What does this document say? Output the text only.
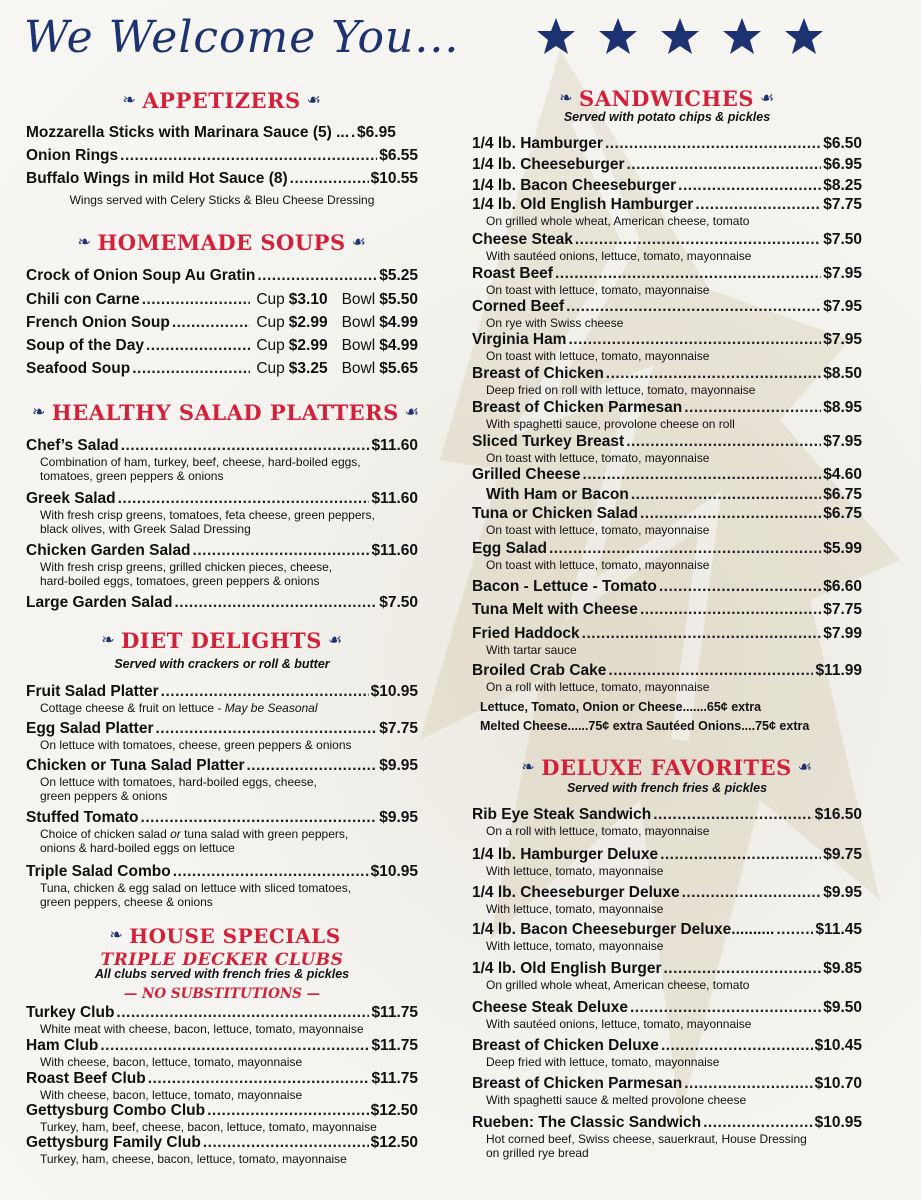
We Welcome You...
❧ APPETIZERS ☙
Mozzarella Sticks with Marinara Sauce (5) ... ..... $6.95
Onion Rings .....	$6.55
Buffalo Wings in mild Hot Sauce (8) .....	$10.55
Wings served with Celery Sticks & Bleu Cheese Dressing
❧ HOMEMADE SOUPS ☙
Crock of Onion Soup Au Gratin .....	$5.25
Chili con Carne .....	Cup $3.10 Bowl $5.50
French Onion Soup .....	Cup $2.99 Bowl $4.99
Soup of the Day .....	Cup $2.99 Bowl $4.99
Seafood Soup .....	Cup $3.25 Bowl $5.65
❧ HEALTHY SALAD PLATTERS ☙
Chef’s Salad .....	$11.60
Combination of ham, turkey, beef, cheese, hard-boiled eggs,
tomatoes, green peppers & onions
Greek Salad .....	$11.60
With fresh crisp greens, tomatoes, feta cheese, green peppers,
black olives, with Greek Salad Dressing
Chicken Garden Salad .....	$11.60
With fresh crisp greens, grilled chicken pieces, cheese,
hard-boiled eggs, tomatoes, green peppers & onions
Large Garden Salad .....	$7.50
❧ DIET DELIGHTS ☙
Served with crackers or roll & butter
Fruit Salad Platter .....	$10.95
Cottage cheese & fruit on lettuce - May be Seasonal
Egg Salad Platter .....	$7.75
On lettuce with tomatoes, cheese, green peppers & onions
Chicken or Tuna Salad Platter .....	$9.95
On lettuce with tomatoes, hard-boiled eggs, cheese,
green peppers & onions
Stuffed Tomato .....	$9.95
Choice of chicken salad or tuna salad with green peppers,
onions & hard-boiled eggs on lettuce
Triple Salad Combo .....	$10.95
Tuna, chicken & egg salad on lettuce with sliced tomatoes,
green peppers, cheese & onions
❧ HOUSE SPECIALS
TRIPLE DECKER CLUBS
All clubs served with french fries & pickles
— NO SUBSTITUTIONS —
Turkey Club .....	$11.75
White meat with cheese, bacon, lettuce, tomato, mayonnaise
Ham Club .....	$11.75
With cheese, bacon, lettuce, tomato, mayonnaise
Roast Beef Club .....	$11.75
With cheese, bacon, lettuce, tomato, mayonnaise
Gettysburg Combo Club .....	$12.50
Turkey, ham, beef, cheese, bacon, lettuce, tomato, mayonnaise
Gettysburg Family Club .....	$12.50
Turkey, ham, cheese, bacon, lettuce, tomato, mayonnaise
❧ SANDWICHES ☙
Served with potato chips & pickles
1/4 lb. Hamburger .....	$6.50
1/4 lb. Cheeseburger .....	$6.95
1/4 lb. Bacon Cheeseburger .....	$8.25
1/4 lb. Old English Hamburger .....	$7.75
On grilled whole wheat, American cheese, tomato
Cheese Steak .....	$7.50
With sautéed onions, lettuce, tomato, mayonnaise
Roast Beef .....	$7.95
On toast with lettuce, tomato, mayonnaise
Corned Beef .....	$7.95
On rye with Swiss cheese
Virginia Ham .....	$7.95
On toast with lettuce, tomato, mayonnaise
Breast of Chicken .....	$8.50
Deep fried on roll with lettuce, tomato, mayonnaise
Breast of Chicken Parmesan .....	$8.95
With spaghetti sauce, provolone cheese on roll
Sliced Turkey Breast .....	$7.95
On toast with lettuce, tomato, mayonnaise
Grilled Cheese .....	$4.60
With Ham or Bacon .....	$6.75
Tuna or Chicken Salad .....	$6.75
On toast with lettuce, tomato, mayonnaise
Egg Salad .....	$5.99
On toast with lettuce, tomato, mayonnaise
Bacon - Lettuce - Tomato .....	$6.60
Tuna Melt with Cheese .....	$7.75
Fried Haddock .....	$7.99
With tartar sauce
Broiled Crab Cake .....	$11.99
On a roll with lettuce, tomato, mayonnaise
Lettuce, Tomato, Onion or Cheese.......65¢ extra
Melted Cheese......75¢ extra Sautéed Onions....75¢ extra
❧ DELUXE FAVORITES ☙
Served with french fries & pickles
Rib Eye Steak Sandwich .....	$16.50
On a roll with lettuce, tomato, mayonnaise
1/4 lb. Hamburger Deluxe .....	$9.75
With lettuce, tomato, mayonnaise
1/4 lb. Cheeseburger Deluxe .....	$9.95
With lettuce, tomato, mayonnaise
1/4 lb. Bacon Cheeseburger Deluxe.......... .....	$11.45
With lettuce, tomato, mayonnaise
1/4 lb. Old English Burger .....	$9.85
On grilled whole wheat, American cheese, tomato
Cheese Steak Deluxe .....	$9.50
With sautéed onions, lettuce, tomato, mayonnaise
Breast of Chicken Deluxe .....	$10.45
Deep fried with lettuce, tomato, mayonnaise
Breast of Chicken Parmesan .....	$10.70
With spaghetti sauce & melted provolone cheese
Rueben: The Classic Sandwich .....	$10.95
Hot corned beef, Swiss cheese, sauerkraut, House Dressing
on grilled rye bread
